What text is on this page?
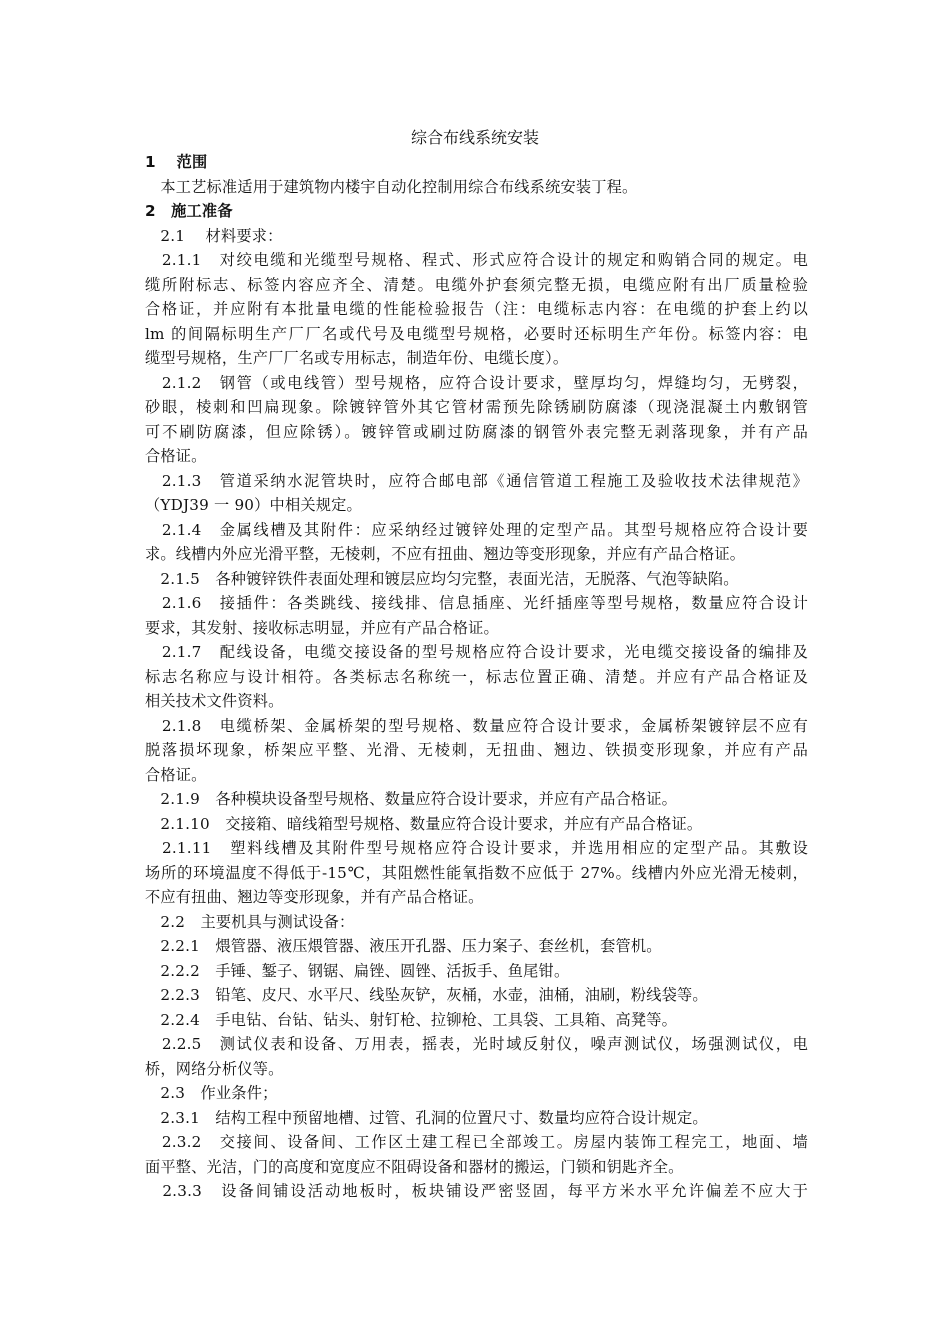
综合布线系统安装
1　 范围
　本工艺标准适用于建筑物内楼宇自动化控制用综合布线系统安装丁程。
2　施工准备
　2.1　 材料要求：
　2.1.1　对绞电缆和光缆型号规格、程式、形式应符合设计的规定和购销合同的规定。电
缆所附标志、标签内容应齐全、清楚。电缆外护套须完整无损，电缆应附有出厂质量检验
合格证，并应附有本批量电缆的性能检验报告（注：电缆标志内容：在电缆的护套上约以
lm 的间隔标明生产厂厂名或代号及电缆型号规格，必要时还标明生产年份。标签内容：电
缆型号规格，生产厂厂名或专用标志，制造年份、电缆长度）。
　2.1.2　钢管（或电线管）型号规格，应符合设计要求，壁厚均匀，焊缝均匀，无劈裂，
砂眼，棱刺和凹扁现象。除镀锌管外其它管材需预先除锈刷防腐漆（现浇混凝土内敷钢管
可不刷防腐漆，但应除锈）。镀锌管或刷过防腐漆的钢管外表完整无剥落现象，并有产品
合格证。
　2.1.3　管道采纳水泥管块时，应符合邮电部《通信管道工程施工及验收技术法律规范》
（YDJ39 一 90）中相关规定。
　2.1.4　金属线槽及其附件：应采纳经过镀锌处理的定型产品。其型号规格应符合设计要
求。线槽内外应光滑平整，无棱刺，不应有扭曲、翘边等变形现象，并应有产品合格证。
　2.1.5　各种镀锌铁件表面处理和镀层应均匀完整，表面光洁，无脱落、气泡等缺陷。
　2.1.6　接插件：各类跳线、接线排、信息插座、光纤插座等型号规格，数量应符合设计
要求，其发射、接收标志明显，并应有产品合格证。
　2.1.7　配线设备，电缆交接设备的型号规格应符合设计要求，光电缆交接设备的编排及
标志名称应与设计相符。各类标志名称统一，标志位置正确、清楚。并应有产品合格证及
相关技术文件资料。
　2.1.8　电缆桥架、金属桥架的型号规格、数量应符合设计要求，金属桥架镀锌层不应有
脱落损坏现象，桥架应平整、光滑、无棱刺，无扭曲、翘边、铁损变形现象，并应有产品
合格证。
　2.1.9　各种模块设备型号规格、数量应符合设计要求，并应有产品合格证。
　2.1.10　交接箱、暗线箱型号规格、数量应符合设计要求，并应有产品合格证。
　2.1.11　塑料线槽及其附件型号规格应符合设计要求，并选用相应的定型产品。其敷设
场所的环境温度不得低于-15℃，其阻燃性能氧指数不应低于 27%。线槽内外应光滑无棱刺，
不应有扭曲、翘边等变形现象，并有产品合格证。
　2.2　主要机具与测试设备：
　2.2.1　煨管器、液压煨管器、液压开孔器、压力案子、套丝机，套管机。
　2.2.2　手锤、錾子、钢锯、扁锉、圆锉、活扳手、鱼尾钳。
　2.2.3　铅笔、皮尺、水平尺、线坠灰铲，灰桶，水壶，油桶，油刷，粉线袋等。
　2.2.4　手电钻、台钻、钻头、射钉枪、拉铆枪、工具袋、工具箱、高凳等。
　2.2.5　测试仪表和设备、万用表，摇表，光时域反射仪，噪声测试仪，场强测试仪，电
桥，网络分析仪等。
　2.3　作业条件；
　2.3.1　结构工程中预留地槽、过管、孔洞的位置尺寸、数量均应符合设计规定。
　2.3.2　交接间、设备间、工作区土建工程已全部竣工。房屋内装饰工程完工，地面、墙
面平整、光洁，门的高度和宽度应不阻碍设备和器材的搬运，门锁和钥匙齐全。
　2.3.3　设备间铺设活动地板时，板块铺设严密竖固，每平方米水平允许偏差不应大于
